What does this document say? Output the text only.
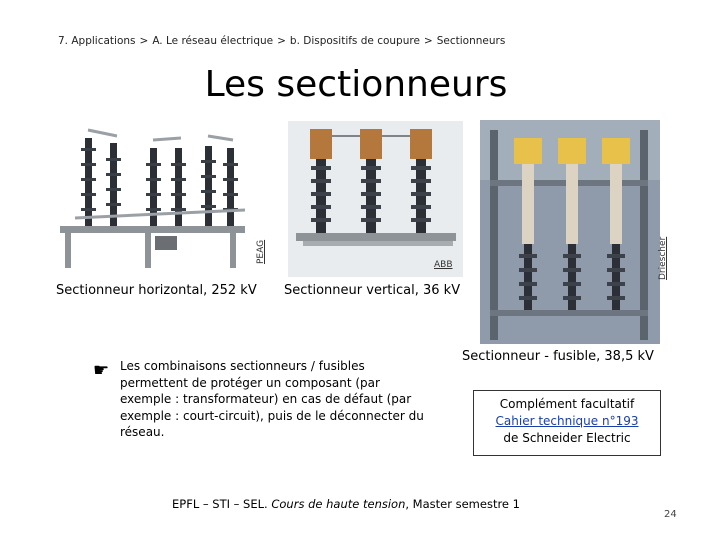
7. Applications > A. Le réseau électrique > b. Dispositifs de coupure > Sectionneurs
Les sectionneurs
PEAG
ABB	Driescher
Sectionneur horizontal, 252 kV Sectionneur vertical, 36 kV
Sectionneur - fusible, 38,5 kV
☛ Les combinaisons sectionneurs / fusibles permettent de protéger un composant (par exemple : transformateur) en cas de défaut (par exemple : court-circuit), puis de le déconnecter du réseau.
Complément facultatif
Cahier technique n°193
de Schneider Electric
EPFL – STI – SEL. Cours de haute tension, Master semestre 1
24
